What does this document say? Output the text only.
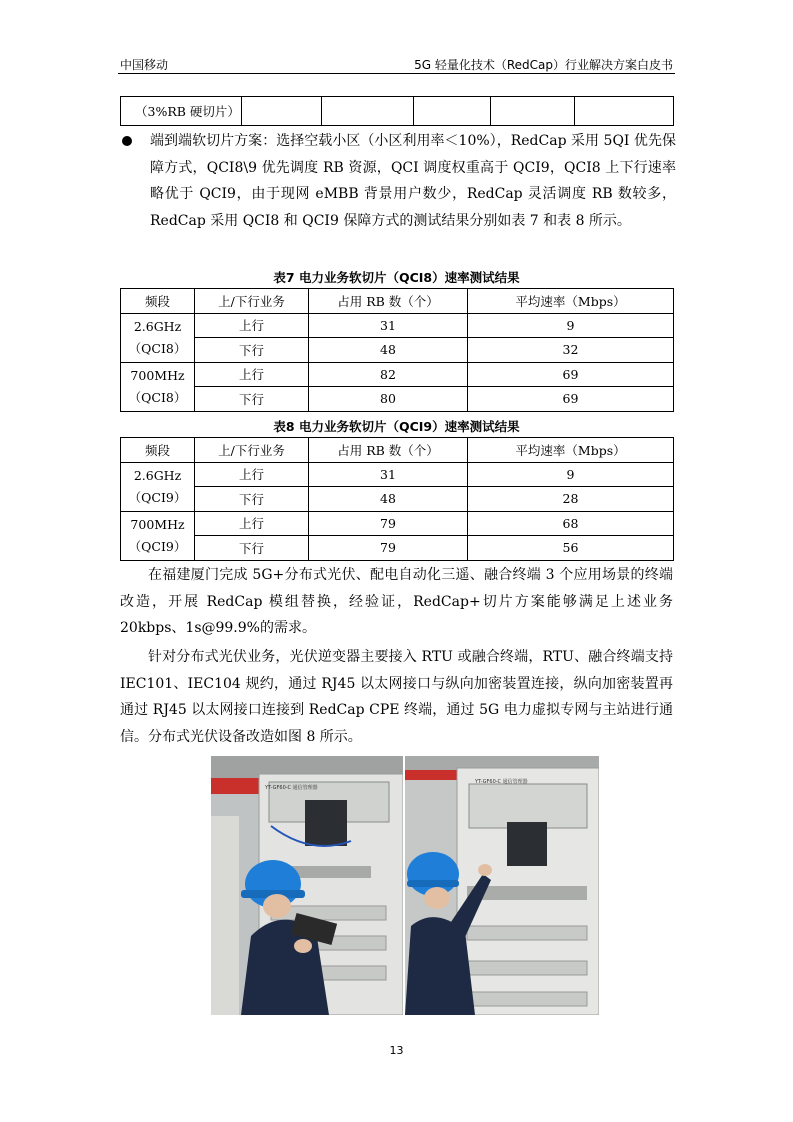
中国移动	5G 轻量化技术（RedCap）行业解决方案白皮书
（3%RB 硬切片）					
端到端软切片方案：选择空载小区（小区利用率＜10%），RedCap 采用 5QI 优先保障方式，QCI8\9 优先调度 RB 资源，QCI 调度权重高于 QCI9，QCI8 上下行速率略优于 QCI9，由于现网 eMBB 背景用户数少，RedCap 灵活调度 RB 数较多，RedCap 采用 QCI8 和 QCI9 保障方式的测试结果分别如表 7 和表 8 所示。
表7 电力业务软切片（QCI8）速率测试结果
频段	上/下行业务	占用 RB 数（个）	平均速率（Mbps）

2.6GHz
（QCI8）	上行	31	9
	下行	48	32

700MHz
（QCI8）	上行	82	69
	下行	80	69
表8 电力业务软切片（QCI9）速率测试结果
频段	上/下行业务	占用 RB 数（个）	平均速率（Mbps）

2.6GHz
（QCI9）	上行	31	9
	下行	48	28

700MHz
（QCI9）	上行	79	68
	下行	79	56

在福建厦门完成 5G+分布式光伏、配电自动化三遥、融合终端 3 个应用场景的终端改造，开展 RedCap 模组替换，经验证，RedCap+切片方案能够满足上述业务 20kbps、1s@99.9%的需求。

针对分布式光伏业务，光伏逆变器主要接入 RTU 或融合终端，RTU、融合终端支持 IEC101、IEC104 规约，通过 RJ45 以太网接口与纵向加密装置连接，纵向加密装置再通过 RJ45 以太网接口连接到 RedCap CPE 终端，通过 5G 电力虚拟专网与主站进行通信。分布式光伏设备改造如图 8 所示。

YT-GF60-C 通信管理器
YT-GF60-C 通信管理器
13
